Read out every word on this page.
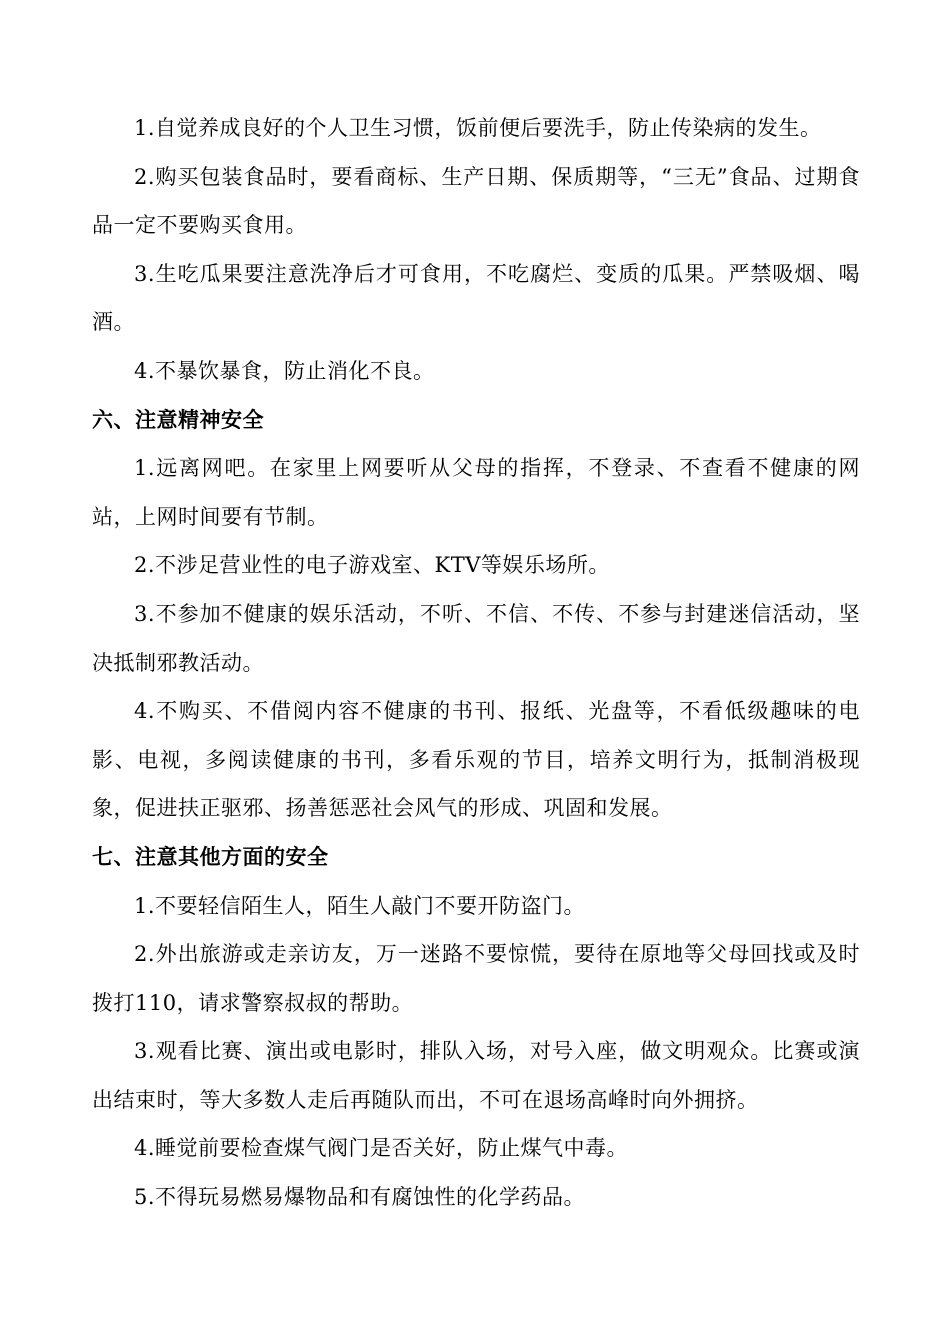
1.自觉养成良好的个人卫生习惯，饭前便后要洗手，防止传染病的发生。

2.购买包装食品时，要看商标、生产日期、保质期等，“三无”食品、过期食品一定不要购买食用。

3.生吃瓜果要注意洗净后才可食用，不吃腐烂、变质的瓜果。严禁吸烟、喝酒。

4.不暴饮暴食，防止消化不良。

六、注意精神安全

1.远离网吧。在家里上网要听从父母的指挥，不登录、不查看不健康的网站，上网时间要有节制。

2.不涉足营业性的电子游戏室、KTV等娱乐场所。

3.不参加不健康的娱乐活动，不听、不信、不传、不参与封建迷信活动，坚决抵制邪教活动。

4.不购买、不借阅内容不健康的书刊、报纸、光盘等，不看低级趣味的电影、电视，多阅读健康的书刊，多看乐观的节目，培养文明行为，抵制消极现象，促进扶正驱邪、扬善惩恶社会风气的形成、巩固和发展。

七、注意其他方面的安全

1.不要轻信陌生人，陌生人敲门不要开防盗门。

2.外出旅游或走亲访友，万一迷路不要惊慌，要待在原地等父母回找或及时拨打110，请求警察叔叔的帮助。

3.观看比赛、演出或电影时，排队入场，对号入座，做文明观众。比赛或演出结束时，等大多数人走后再随队而出，不可在退场高峰时向外拥挤。

4.睡觉前要检查煤气阀门是否关好，防止煤气中毒。

5.不得玩易燃易爆物品和有腐蚀性的化学药品。
